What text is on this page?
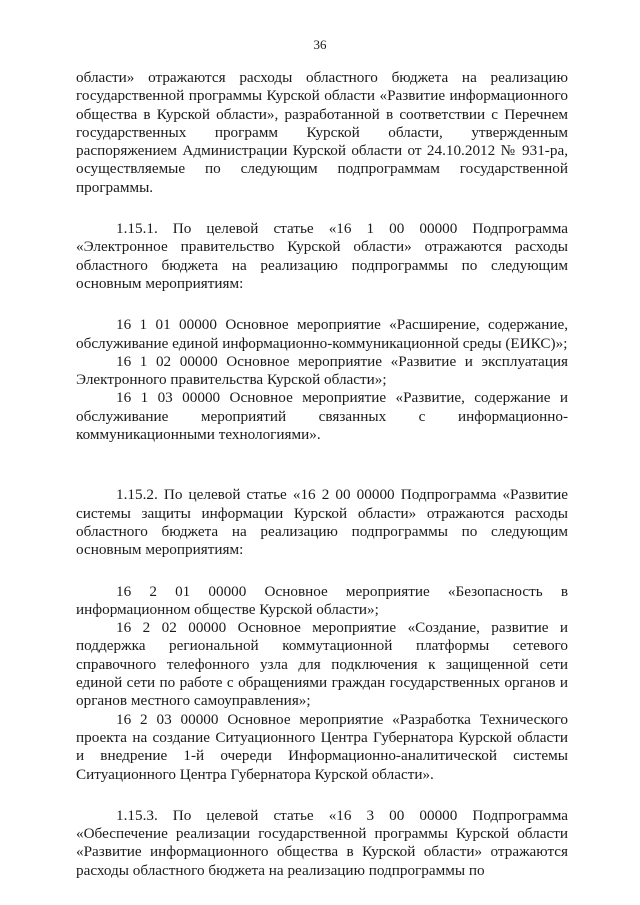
36

области» отражаются расходы областного бюджета на реализацию государственной программы Курской области «Развитие информационного общества в Курской области», разработанной в соответствии с Перечнем государственных программ Курской области, утвержденным распоряжением Администрации Курской области от 24.10.2012 № 931-ра, осуществляемые по следующим подпрограммам государственной программы.

1.15.1. По целевой статье «16 1 00 00000 Подпрограмма «Электронное правительство Курской области» отражаются расходы областного бюджета на реализацию подпрограммы по следующим основным мероприятиям:

16 1 01 00000 Основное мероприятие «Расширение, содержание, обслуживание единой информационно-коммуникационной среды (ЕИКС)»;

16 1 02 00000 Основное мероприятие «Развитие и эксплуатация Электронного правительства Курской области»;

16 1 03 00000 Основное мероприятие «Развитие, содержание и обслуживание мероприятий связанных с информационно-коммуникационными технологиями».

1.15.2. По целевой статье «16 2 00 00000 Подпрограмма «Развитие системы защиты информации Курской области» отражаются расходы областного бюджета на реализацию подпрограммы по следующим основным мероприятиям:

16 2 01 00000 Основное мероприятие «Безопасность в информационном обществе Курской области»;

16 2 02 00000 Основное мероприятие «Создание, развитие и поддержка региональной коммутационной платформы сетевого справочного телефонного узла для подключения к защищенной сети единой сети по работе с обращениями граждан государственных органов и органов местного самоуправления»;

16 2 03 00000 Основное мероприятие «Разработка Технического проекта на создание Ситуационного Центра Губернатора Курской области и внедрение 1-й очереди Информационно-аналитической системы Ситуационного Центра Губернатора Курской области».

1.15.3. По целевой статье «16 3 00 00000 Подпрограмма «Обеспечение реализации государственной программы Курской области «Развитие информационного общества в Курской области» отражаются расходы областного бюджета на реализацию подпрограммы по
